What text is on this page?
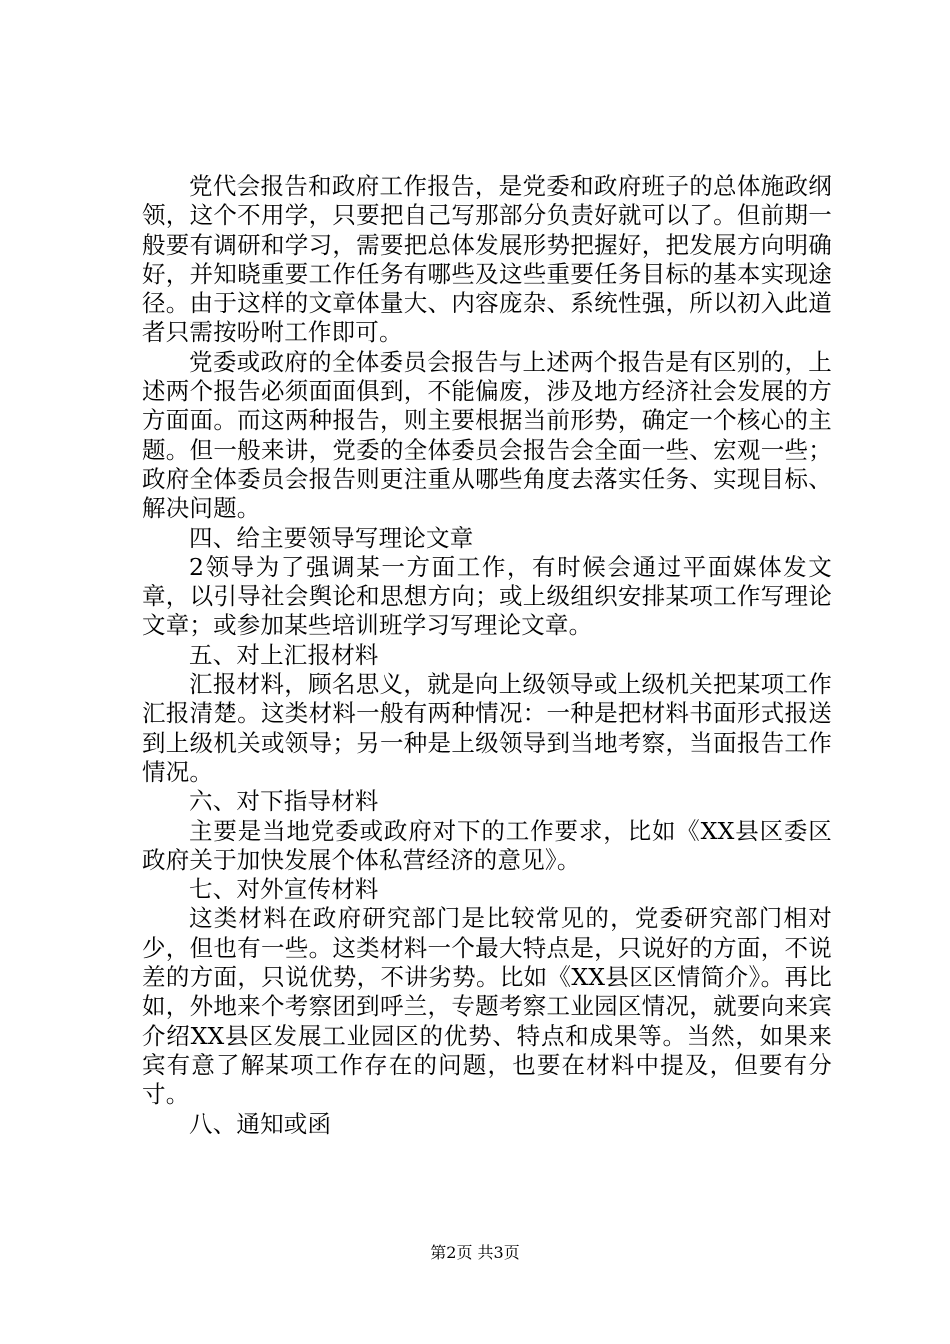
党代会报告和政府工作报告，是党委和政府班子的总体施政纲领，这个不用学，只要把自己写那部分负责好就可以了。但前期一般要有调研和学习，需要把总体发展形势把握好，把发展方向明确好，并知晓重要工作任务有哪些及这些重要任务目标的基本实现途径。由于这样的文章体量大、内容庞杂、系统性强，所以初入此道者只需按吩咐工作即可。

党委或政府的全体委员会报告与上述两个报告是有区别的，上述两个报告必须面面俱到，不能偏废，涉及地方经济社会发展的方方面面。而这两种报告，则主要根据当前形势，确定一个核心的主题。但一般来讲，党委的全体委员会报告会全面一些、宏观一些；政府全体委员会报告则更注重从哪些角度去落实任务、实现目标、解决问题。

四、给主要领导写理论文章

2领导为了强调某一方面工作，有时候会通过平面媒体发文章，以引导社会舆论和思想方向；或上级组织安排某项工作写理论文章；或参加某些培训班学习写理论文章。

五、对上汇报材料

汇报材料，顾名思义，就是向上级领导或上级机关把某项工作汇报清楚。这类材料一般有两种情况：一种是把材料书面形式报送到上级机关或领导；另一种是上级领导到当地考察，当面报告工作情况。

六、对下指导材料

主要是当地党委或政府对下的工作要求，比如《XX县区委区政府关于加快发展个体私营经济的意见》。

七、对外宣传材料

这类材料在政府研究部门是比较常见的，党委研究部门相对少，但也有一些。这类材料一个最大特点是，只说好的方面，不说差的方面，只说优势，不讲劣势。比如《XX县区区情简介》。再比如，外地来个考察团到呼兰，专题考察工业园区情况，就要向来宾介绍XX县区发展工业园区的优势、特点和成果等。当然，如果来宾有意了解某项工作存在的问题，也要在材料中提及，但要有分寸。

八、通知或函

第2页 共3页
